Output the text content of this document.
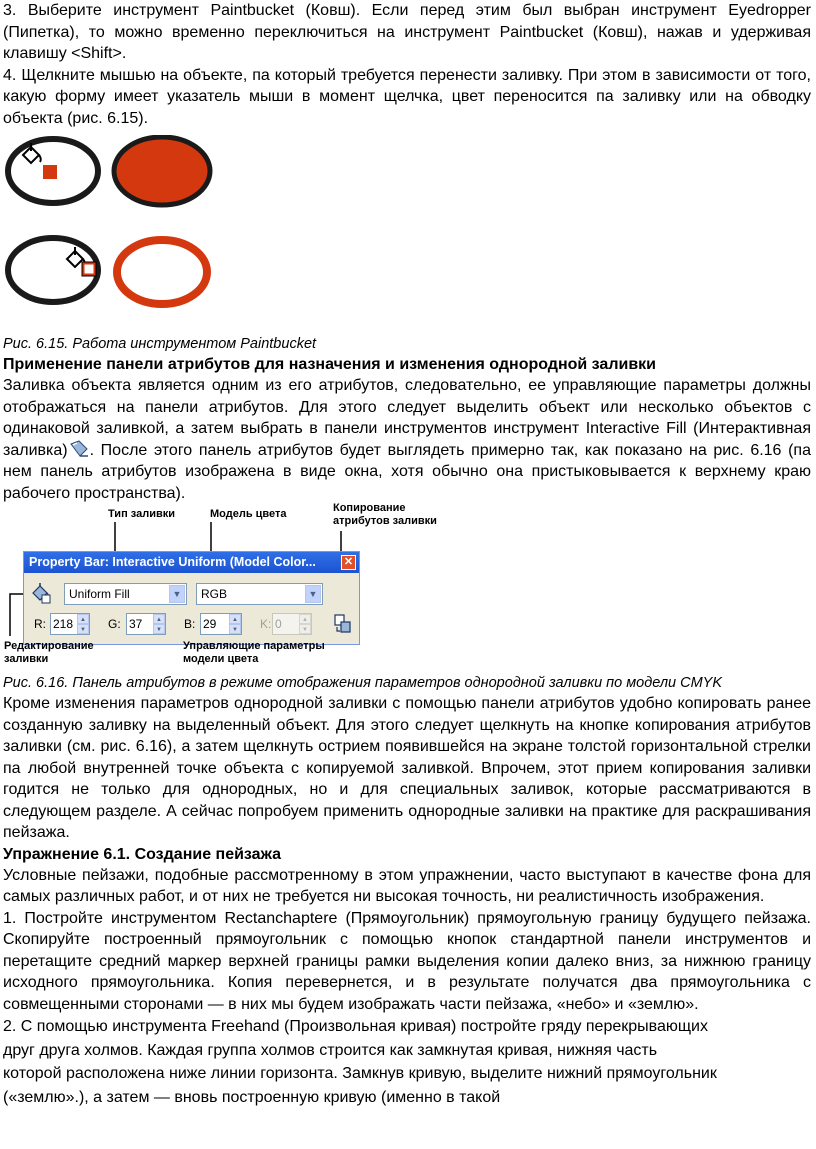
3. Выберите инструмент Paintbucket (Ковш). Если перед этим был выбран инструмент Eyedropper (Пипетка), то можно временно переключиться на инструмент Paintbucket (Ковш), нажав и удерживая клавишу <Shift>.

4. Щелкните мышью на объекте, па который требуется перенести заливку. При этом в зависимости от того, какую форму имеет указатель мыши в момент щелчка, цвет переносится па заливку или на обводку объекта (рис. 6.15).

Рис. 6.15. Работа инструментом Paintbucket

Применение панели атрибутов для назначения и изменения однородной заливки

Заливка объекта является одним из его атрибутов, следовательно, ее управляющие параметры должны отображаться на панели атрибутов. Для этого следует выделить объект или несколько объектов с одинаковой заливкой, а затем выбрать в панели инструментов инструмент Interactive Fill (Интерактивная заливка) . После этого панель атрибутов будет выглядеть примерно так, как показано на рис. 6.16 (па нем панель атрибутов изображена в виде окна, хотя обычно она пристыковывается к верхнему краю рабочего пространства).

Тип заливки	Модель цвета	Копирование
атрибутов заливки
Property Bar: Interactive Uniform (Model Color...	✕
Uniform Fill	▼	RGB	▼
R: 218	▲
▼ G: 37	▲
▼ B: 29	▲
▼ K: 0	▲
▼
Редактирование
заливки
Управляющие параметры
модели цвета

Рис. 6.16. Панель атрибутов в режиме отображения параметров однородной заливки по модели CMYK

Кроме изменения параметров однородной заливки с помощью панели атрибутов удобно копировать ранее созданную заливку на выделенный объект. Для этого следует щелкнуть на кнопке копирования атрибутов заливки (см. рис. 6.16), а затем щелкнуть острием появившейся на экране толстой горизонтальной стрелки па любой внутренней точке объекта с копируемой заливкой. Впрочем, этот прием копирования заливки годится не только для однородных, но и для специальных заливок, которые рассматриваются в следующем разделе. А сейчас попробуем применить однородные заливки на практике для раскрашивания пейзажа.

Упражнение 6.1. Создание пейзажа

Условные пейзажи, подобные рассмотренному в этом упражнении, часто выступают в качестве фона для самых различных работ, и от них не требуется ни высокая точность, ни реалистичность изображения.

1. Постройте инструментом Rectanchaptere (Прямоугольник) прямоугольную границу будущего пейзажа. Скопируйте построенный прямоугольник с помощью кнопок стандартной панели инструментов и перетащите средний маркер верхней границы рамки выделения копии далеко вниз, за нижнюю границу исходного прямоугольника. Копия перевернется, и в результате получатся два прямоугольника с совмещенными сторонами — в них мы будем изображать части пейзажа, «небо» и «землю».

2. С помощью инструмента Freehand (Произвольная кривая) постройте гряду перекрывающих
друг друга холмов. Каждая группа холмов строится как замкнутая кривая, нижняя часть
которой расположена ниже линии горизонта. Замкнув кривую, выделите нижний прямоугольник
(«землю».), а затем — вновь построенную кривую (именно в такой
